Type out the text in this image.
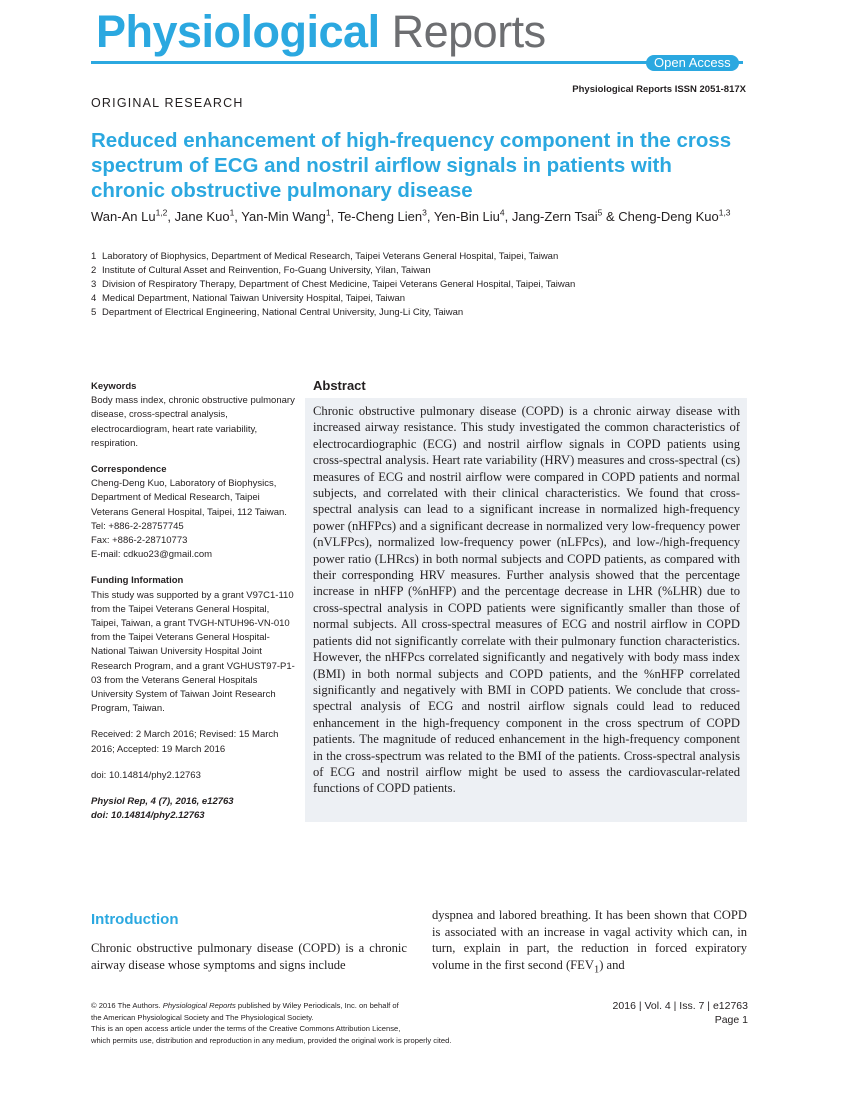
Physiological Reports
Open Access
Physiological Reports ISSN 2051-817X
ORIGINAL RESEARCH
Reduced enhancement of high-frequency component in the cross spectrum of ECG and nostril airflow signals in patients with chronic obstructive pulmonary disease
Wan-An Lu$^{1,2}$, Jane Kuo$^1$, Yan-Min Wang$^1$, Te-Cheng Lien$^3$, Yen-Bin Liu$^4$, Jang-Zern Tsai$^5$ & Cheng-Deng Kuo$^{1,3}$
1 Laboratory of Biophysics, Department of Medical Research, Taipei Veterans General Hospital, Taipei, Taiwan
2 Institute of Cultural Asset and Reinvention, Fo-Guang University, Yilan, Taiwan
3 Division of Respiratory Therapy, Department of Chest Medicine, Taipei Veterans General Hospital, Taipei, Taiwan
4 Medical Department, National Taiwan University Hospital, Taipei, Taiwan
5 Department of Electrical Engineering, National Central University, Jung-Li City, Taiwan

Keywords

Body mass index, chronic obstructive pulmonary disease, cross-spectral analysis, electrocardiogram, heart rate variability, respiration.

Correspondence

Cheng-Deng Kuo, Laboratory of Biophysics, Department of Medical Research, Taipei Veterans General Hospital, Taipei, 112 Taiwan.

Tel: +886-2-28757745

Fax: +886-2-28710773

E-mail: cdkuo23@gmail.com

Funding Information

This study was supported by a grant V97C1-110 from the Taipei Veterans General Hospital, Taipei, Taiwan, a grant TVGH-NTUH96-VN-010 from the Taipei Veterans General Hospital-National Taiwan University Hospital Joint Research Program, and a grant VGHUST97-P1-03 from the Veterans General Hospitals University System of Taiwan Joint Research Program, Taiwan.

Received: 2 March 2016; Revised: 15 March 2016; Accepted: 19 March 2016

doi: 10.14814/phy2.12763

Physiol Rep, 4 (7), 2016, e12763

doi: 10.14814/phy2.12763

Abstract

Chronic obstructive pulmonary disease (COPD) is a chronic airway disease with increased airway resistance. This study investigated the common characteristics of electrocardiographic (ECG) and nostril airflow signals in COPD patients using cross-spectral analysis. Heart rate variability (HRV) measures and cross-spectral (cs) measures of ECG and nostril airflow were compared in COPD patients and normal subjects, and correlated with their clinical characteristics. We found that cross-spectral analysis can lead to a significant increase in normalized high-frequency power (nHFPcs) and a significant decrease in normalized very low-frequency power (nVLFPcs), normalized low-frequency power (nLFPcs), and low-/high-frequency power ratio (LHRcs) in both normal subjects and COPD patients, as compared with their corresponding HRV measures. Further analysis showed that the percentage increase in nHFP (%nHFP) and the percentage decrease in LHR (%LHR) due to cross-spectral analysis in COPD patients were significantly smaller than those of normal subjects. All cross-spectral measures of ECG and nostril airflow in COPD patients did not significantly correlate with their pulmonary function characteristics. However, the nHFPcs correlated significantly and negatively with body mass index (BMI) in both normal subjects and COPD patients, and the %nHFP correlated significantly and negatively with BMI in COPD patients. We conclude that cross-spectral analysis of ECG and nostril airflow signals could lead to reduced enhancement in the high-frequency component in the cross spectrum of COPD patients. The magnitude of reduced enhancement in the high-frequency component in the cross-spectrum was related to the BMI of the patients. Cross-spectral analysis of ECG and nostril airflow might be used to assess the cardiovascular-related functions of COPD patients.

Introduction

Chronic obstructive pulmonary disease (COPD) is a chronic airway disease whose symptoms and signs include

dyspnea and labored breathing. It has been shown that COPD is associated with an increase in vagal activity which can, in turn, explain in part, the reduction in forced expiratory volume in the first second $(FEV_1)$ and

© 2016 The Authors. Physiological Reports published by Wiley Periodicals, Inc. on behalf of
the American Physiological Society and The Physiological Society.
This is an open access article under the terms of the Creative Commons Attribution License,
which permits use, distribution and reproduction in any medium, provided the original work is properly cited.
2016 | Vol. 4 | Iss. 7 | e12763
Page 1
